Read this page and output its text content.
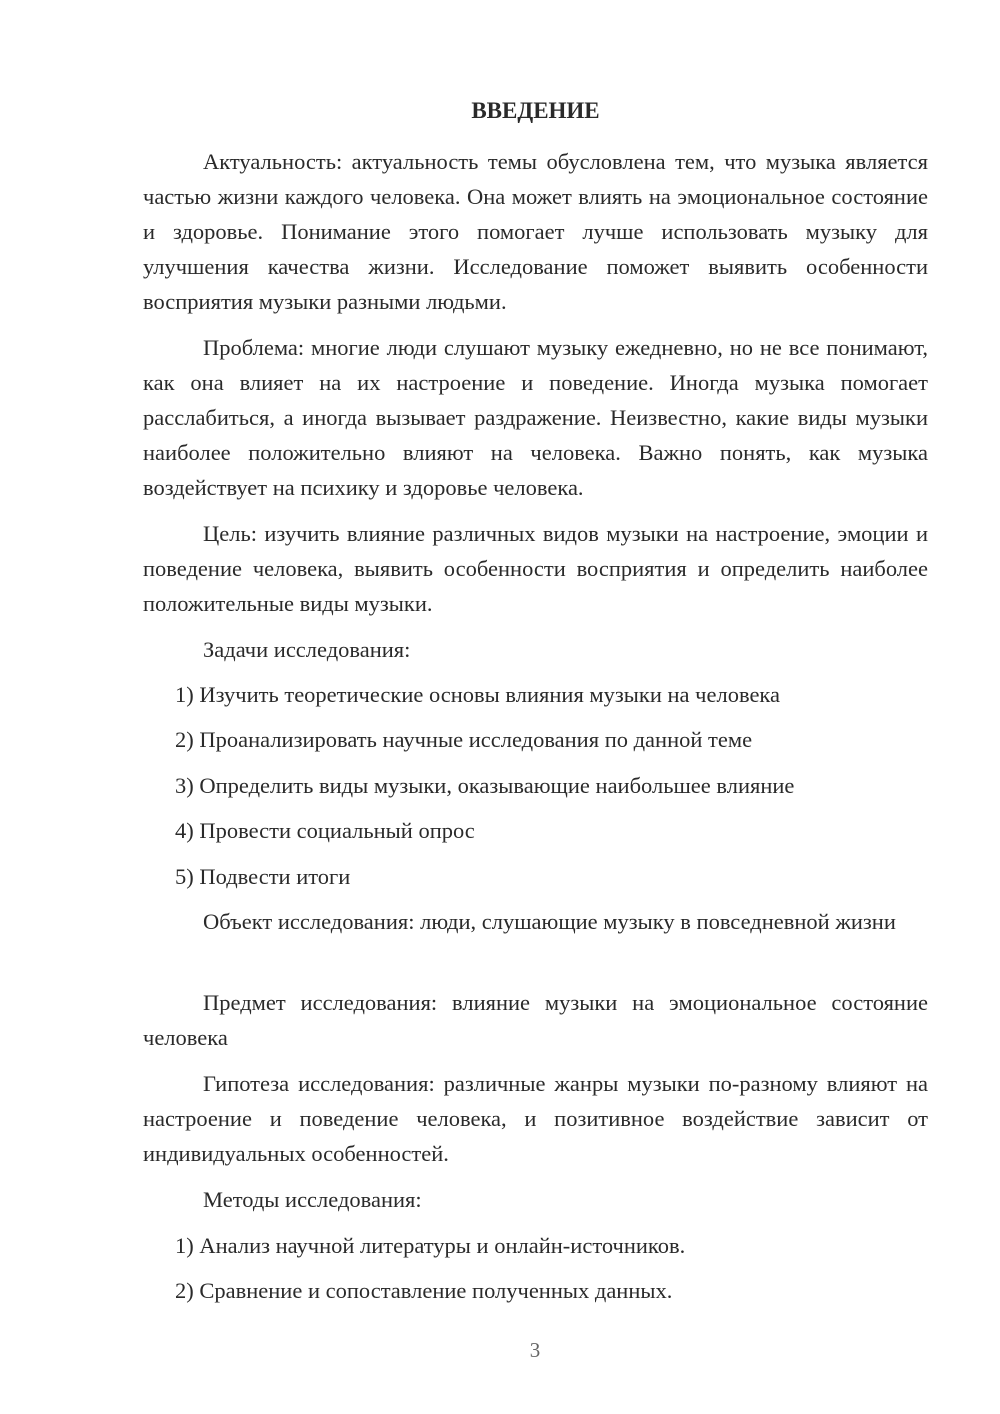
ВВЕДЕНИЕ

Актуальность: актуальность темы обусловлена тем, что музыка является частью жизни каждого человека. Она может влиять на эмоциональное состояние и здоровье. Понимание этого помогает лучше использовать музыку для улучшения качества жизни. Исследование поможет выявить особенности восприятия музыки разными людьми.

Проблема: многие люди слушают музыку ежедневно, но не все понимают, как она влияет на их настроение и поведение. Иногда музыка помогает расслабиться, а иногда вызывает раздражение. Неизвестно, какие виды музыки наиболее положительно влияют на человека. Важно понять, как музыка воздействует на психику и здоровье человека.

Цель: изучить влияние различных видов музыки на настроение, эмоции и поведение человека, выявить особенности восприятия и определить наиболее положительные виды музыки.

Задачи исследования:

1) Изучить теоретические основы влияния музыки на человека

2) Проанализировать научные исследования по данной теме

3) Определить виды музыки, оказывающие наибольшее влияние

4) Провести социальный опрос

5) Подвести итоги

Объект исследования: люди, слушающие музыку в повседневной жизни

Предмет исследования: влияние музыки на эмоциональное состояние человека

Гипотеза исследования: различные жанры музыки по-разному влияют на настроение и поведение человека, и позитивное воздействие зависит от индивидуальных особенностей.

Методы исследования:

1) Анализ научной литературы и онлайн-источников.

2) Сравнение и сопоставление полученных данных.

3
